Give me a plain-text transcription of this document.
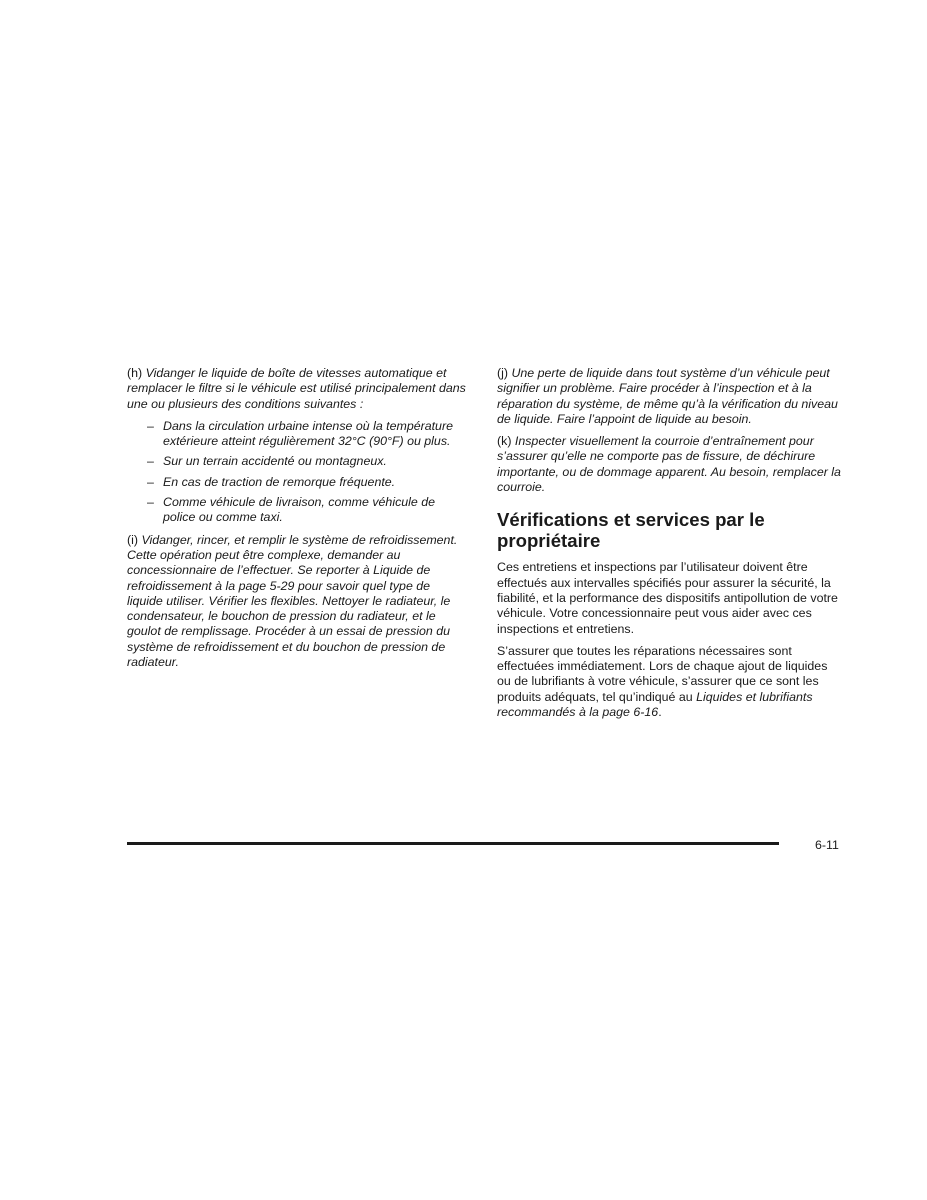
(h) Vidanger le liquide de boîte de vitesses automatique et remplacer le filtre si le véhicule est utilisé principalement dans une ou plusieurs des conditions suivantes :

– Dans la circulation urbaine intense où la température extérieure atteint régulièrement 32°C (90°F) ou plus.
– Sur un terrain accidenté ou montagneux.
– En cas de traction de remorque fréquente.
– Comme véhicule de livraison, comme véhicule de police ou comme taxi.

(i) Vidanger, rincer, et remplir le système de refroidissement. Cette opération peut être complexe, demander au concessionnaire de l’effectuer. Se reporter à Liquide de refroidissement à la page 5-29 pour savoir quel type de liquide utiliser. Vérifier les flexibles. Nettoyer le radiateur, le condensateur, le bouchon de pression du radiateur, et le goulot de remplissage. Procéder à un essai de pression du système de refroidissement et du bouchon de pression de radiateur.

(j) Une perte de liquide dans tout système d’un véhicule peut signifier un problème. Faire procéder à l’inspection et à la réparation du système, de même qu’à la vérification du niveau de liquide. Faire l’appoint de liquide au besoin.

(k) Inspecter visuellement la courroie d’entraînement pour s’assurer qu’elle ne comporte pas de fissure, de déchirure importante, ou de dommage apparent. Au besoin, remplacer la courroie.

Vérifications et services par le propriétaire

Ces entretiens et inspections par l’utilisateur doivent être effectués aux intervalles spécifiés pour assurer la sécurité, la fiabilité, et la performance des dispositifs antipollution de votre véhicule. Votre concessionnaire peut vous aider avec ces inspections et entretiens.

S’assurer que toutes les réparations nécessaires sont effectuées immédiatement. Lors de chaque ajout de liquides ou de lubrifiants à votre véhicule, s’assurer que ce sont les produits adéquats, tel qu’indiqué au Liquides et lubrifiants recommandés à la page 6-16.

6-11
